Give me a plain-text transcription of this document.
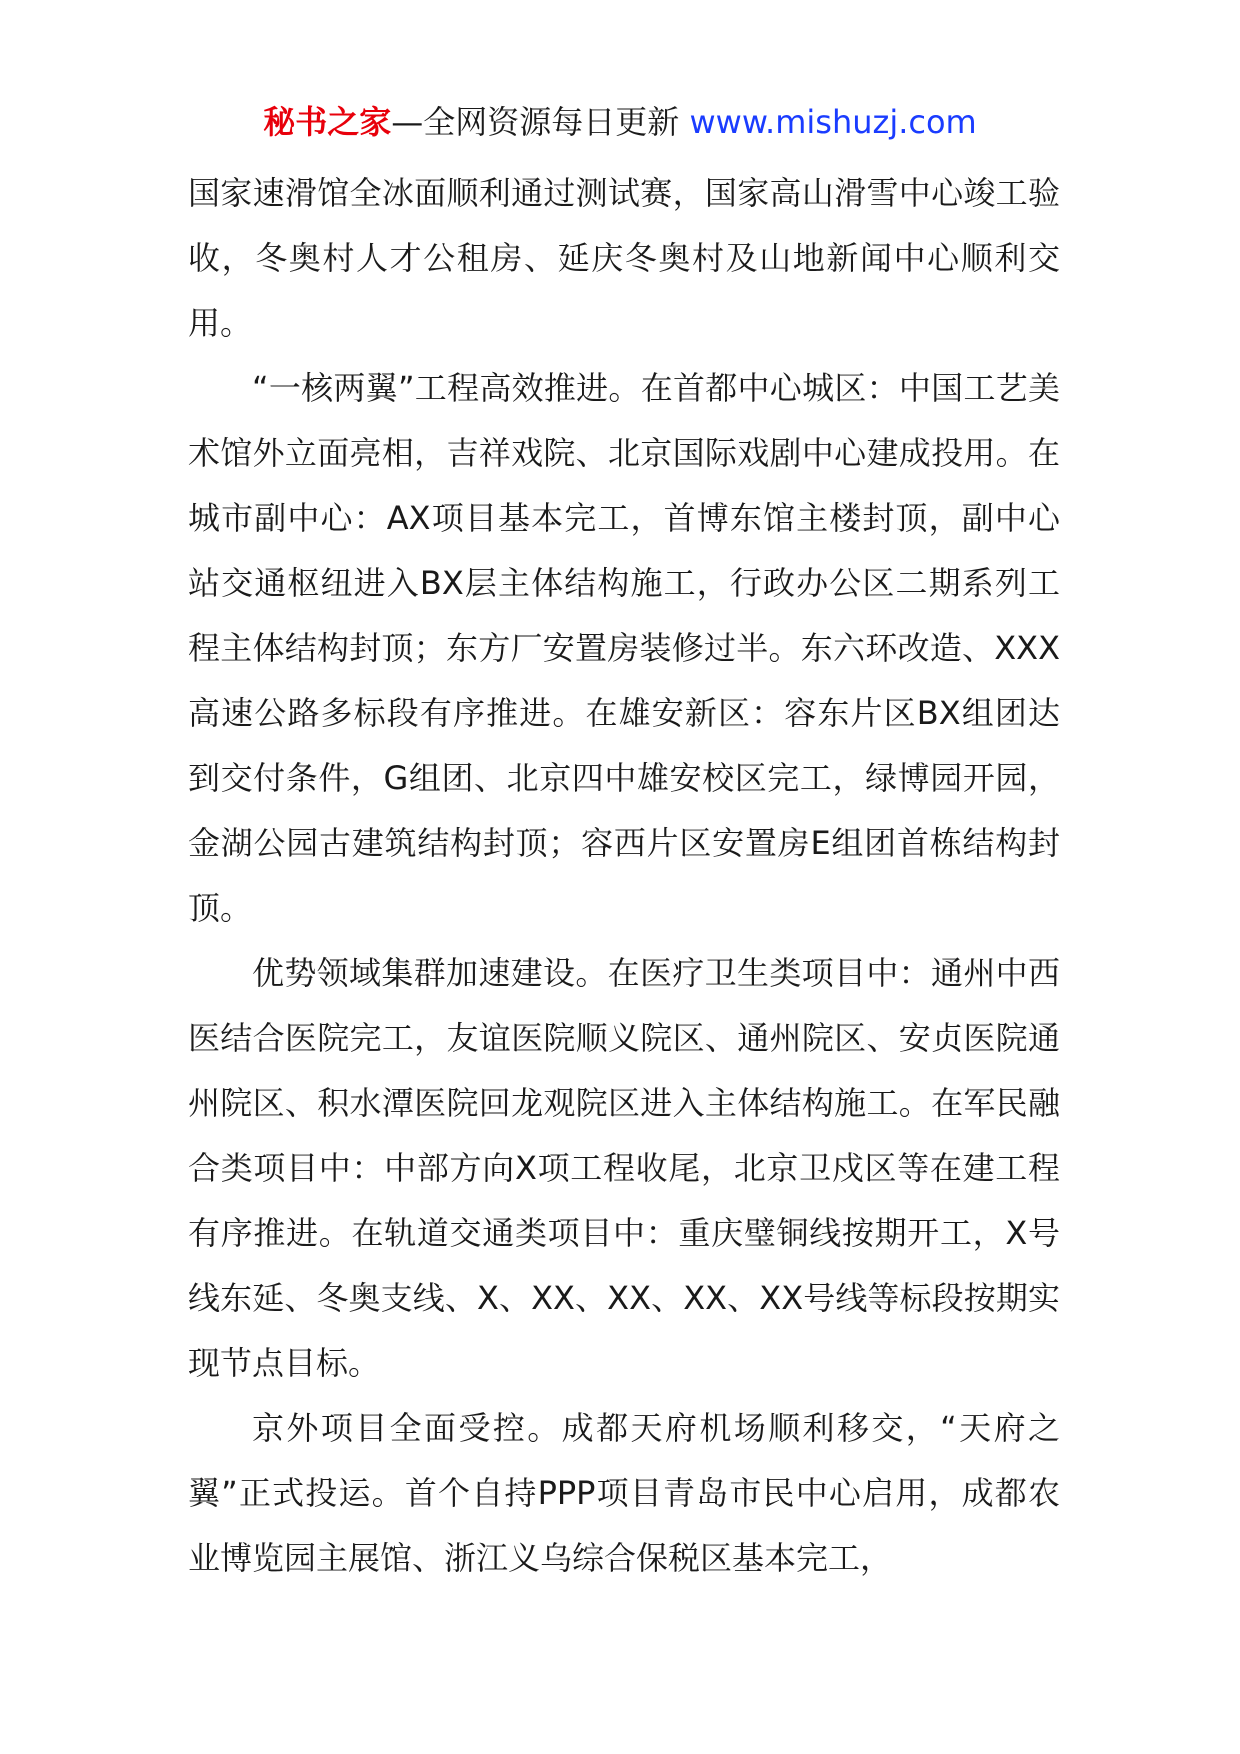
秘书之家—全网资源每日更新 www.mishuzj.com

国家速滑馆全冰面顺利通过测试赛，国家高山滑雪中心竣工验收，冬奥村人才公租房、延庆冬奥村及山地新闻中心顺利交用。

“一核两翼”工程高效推进。在首都中心城区：中国工艺美术馆外立面亮相，吉祥戏院、北京国际戏剧中心建成投用。在城市副中心：AX项目基本完工，首博东馆主楼封顶，副中心站交通枢纽进入BX层主体结构施工，行政办公区二期系列工程主体结构封顶；东方厂安置房装修过半。东六环改造、XXX高速公路多标段有序推进。在雄安新区：容东片区BX组团达到交付条件，G组团、北京四中雄安校区完工，绿博园开园，金湖公园古建筑结构封顶；容西片区安置房E组团首栋结构封顶。

优势领域集群加速建设。在医疗卫生类项目中：通州中西医结合医院完工，友谊医院顺义院区、通州院区、安贞医院通州院区、积水潭医院回龙观院区进入主体结构施工。在军民融合类项目中：中部方向X项工程收尾，北京卫戍区等在建工程有序推进。在轨道交通类项目中：重庆璧铜线按期开工，X号线东延、冬奥支线、X、XX、XX、XX、XX号线等标段按期实现节点目标。

京外项目全面受控。成都天府机场顺利移交，“天府之翼”正式投运。首个自持PPP项目青岛市民中心启用，成都农业博览园主展馆、浙江义乌综合保税区基本完工，
